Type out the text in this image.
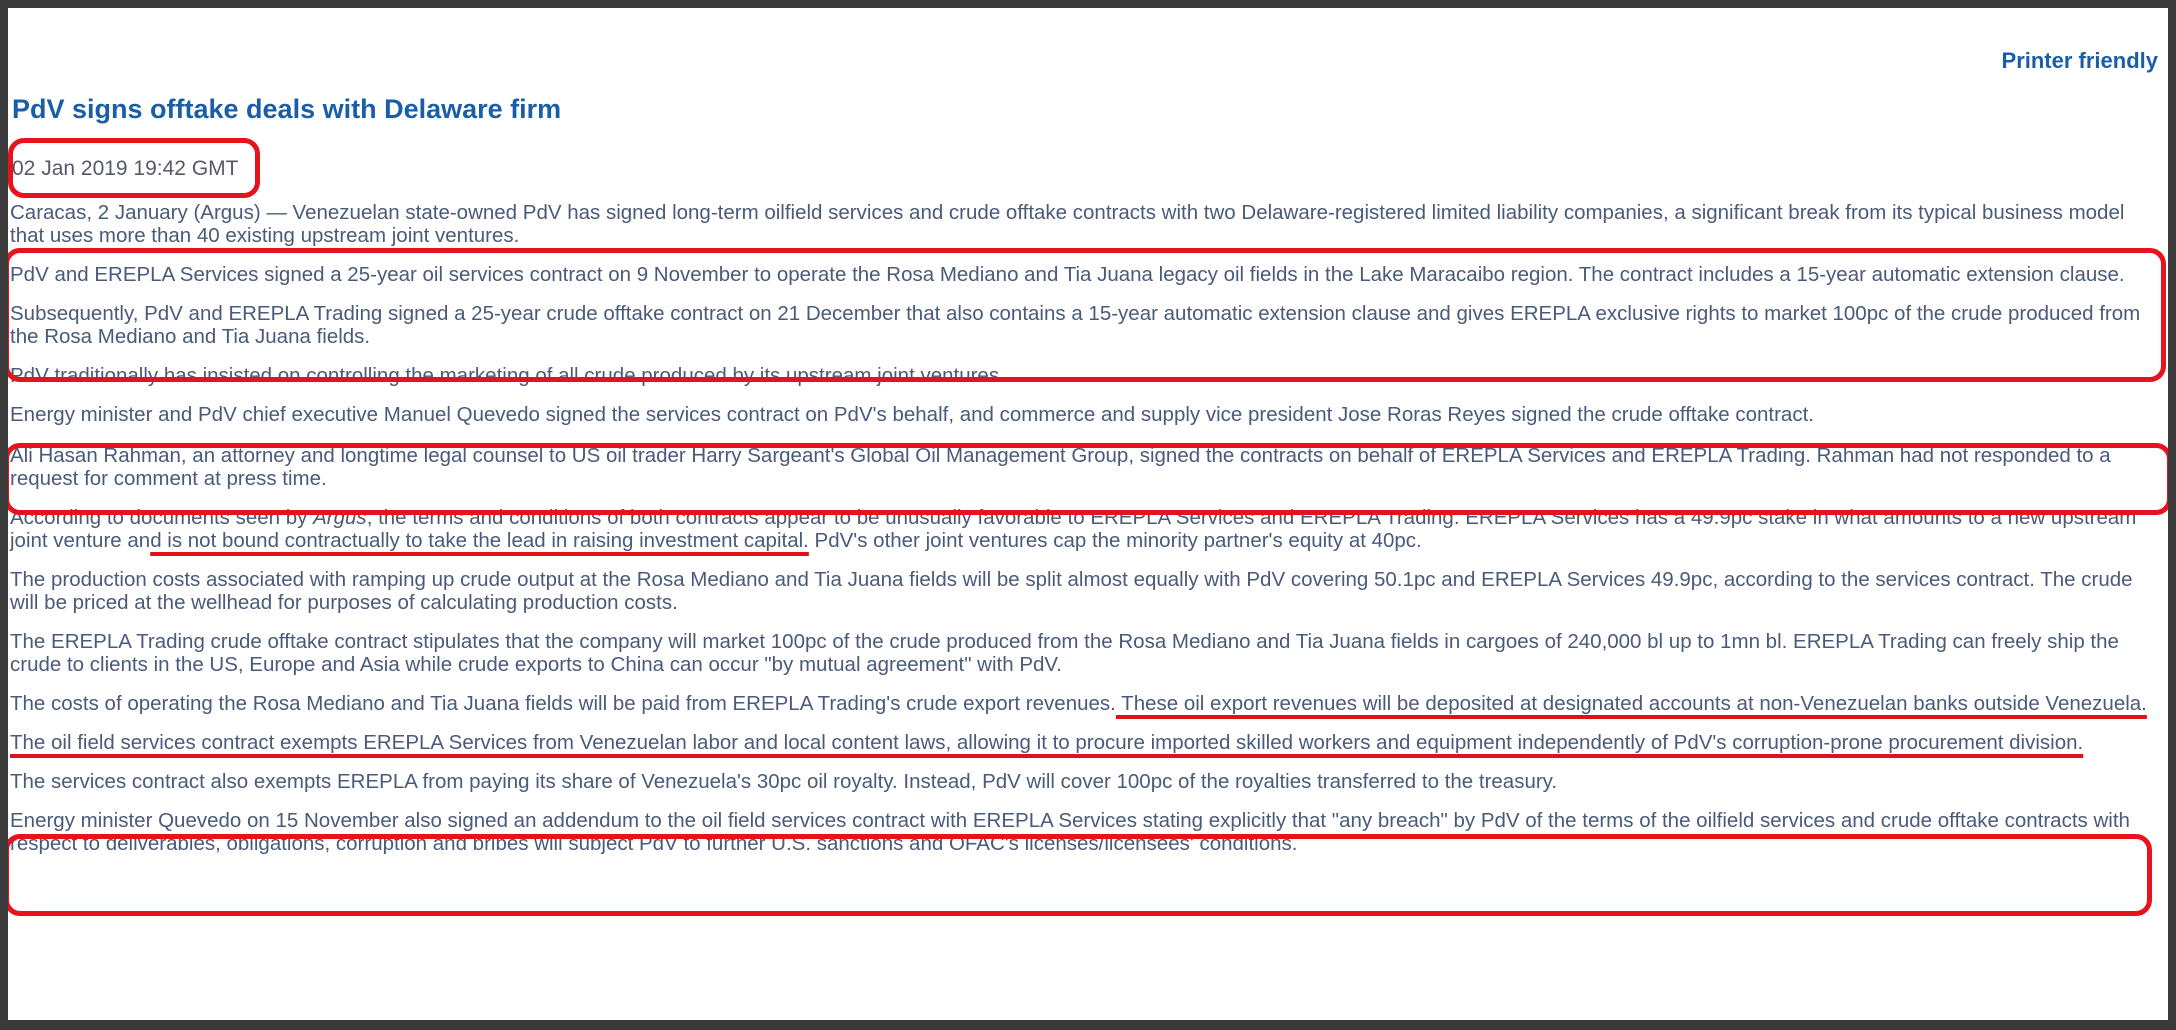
Printer friendly
PdV signs offtake deals with Delaware firm
02 Jan 2019 19:42 GMT

Caracas, 2 January (Argus) — Venezuelan state-owned PdV has signed long-term oilfield services and crude offtake contracts with two Delaware-registered limited liability companies, a significant break from its typical business model that uses more than 40 existing upstream joint ventures.

PdV and EREPLA Services signed a 25-year oil services contract on 9 November to operate the Rosa Mediano and Tia Juana legacy oil fields in the Lake Maracaibo region. The contract includes a 15-year automatic extension clause.

Subsequently, PdV and EREPLA Trading signed a 25-year crude offtake contract on 21 December that also contains a 15-year automatic extension clause and gives EREPLA exclusive rights to market 100pc of the crude produced from the Rosa Mediano and Tia Juana fields.

PdV traditionally has insisted on controlling the marketing of all crude produced by its upstream joint ventures.

Energy minister and PdV chief executive Manuel Quevedo signed the services contract on PdV's behalf, and commerce and supply vice president Jose Roras Reyes signed the crude offtake contract.

Ali Hasan Rahman, an attorney and longtime legal counsel to US oil trader Harry Sargeant's Global Oil Management Group, signed the contracts on behalf of EREPLA Services and EREPLA Trading. Rahman had not responded to a request for comment at press time.

According to documents seen by Argus, the terms and conditions of both contracts appear to be unusually favorable to EREPLA Services and EREPLA Trading. EREPLA Services has a 49.9pc stake in what amounts to a new upstream joint venture and is not bound contractually to take the lead in raising investment capital. PdV's other joint ventures cap the minority partner's equity at 40pc.

The production costs associated with ramping up crude output at the Rosa Mediano and Tia Juana fields will be split almost equally with PdV covering 50.1pc and EREPLA Services 49.9pc, according to the services contract. The crude will be priced at the wellhead for purposes of calculating production costs.

The EREPLA Trading crude offtake contract stipulates that the company will market 100pc of the crude produced from the Rosa Mediano and Tia Juana fields in cargoes of 240,000 bl up to 1mn bl. EREPLA Trading can freely ship the crude to clients in the US, Europe and Asia while crude exports to China can occur "by mutual agreement" with PdV.

The costs of operating the Rosa Mediano and Tia Juana fields will be paid from EREPLA Trading's crude export revenues. These oil export revenues will be deposited at designated accounts at non-Venezuelan banks outside Venezuela.

The oil field services contract exempts EREPLA Services from Venezuelan labor and local content laws, allowing it to procure imported skilled workers and equipment independently of PdV's corruption-prone procurement division.

The services contract also exempts EREPLA from paying its share of Venezuela's 30pc oil royalty. Instead, PdV will cover 100pc of the royalties transferred to the treasury.

Energy minister Quevedo on 15 November also signed an addendum to the oil field services contract with EREPLA Services stating explicitly that "any breach" by PdV of the terms of the oilfield services and crude offtake contracts with respect to deliverables, obligations, corruption and bribes will subject PdV to further U.S. sanctions and OFAC's licenses/licensees' conditions.
